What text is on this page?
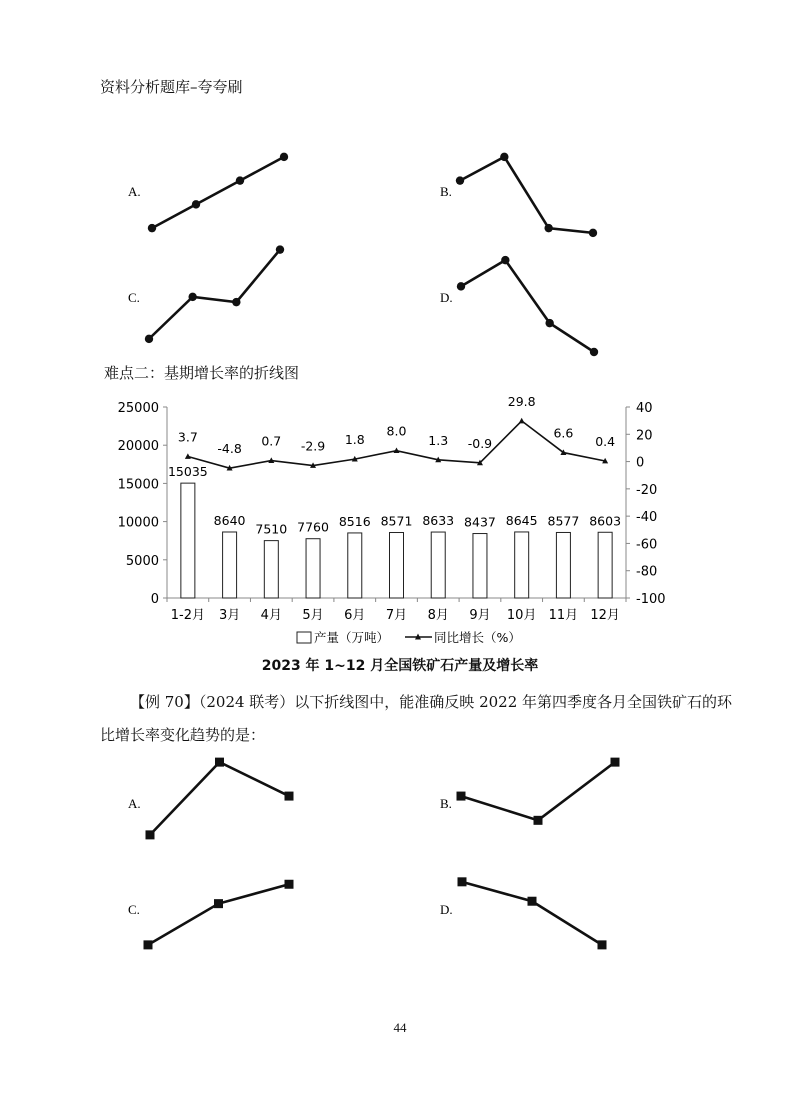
资料分析题库–夸夸刷
A.	B.
C.	D.
难点二：基期增长率的折线图
0
5000
10000
15000
20000
25000
-100
-80
-60
-40
-20
0
20
40
15035
8640
7510 7760 8516 8571 8633 8437 8645 8577 8603
1-2月 3月 4月 5月 6月 7月 8月 9月 10月 11月 12月
3.7
-4.8
0.7 -2.9 1.8
8.0
1.3 -0.9
29.8
6.6
0.4
产量（万吨）	同比增长（%）
2023 年 1~12 月全国铁矿石产量及增长率
【例 70】（2024 联考）以下折线图中，能准确反映 2022 年第四季度各月全国铁矿石的环
比增长率变化趋势的是：
A.	B.
C.	D.
44
